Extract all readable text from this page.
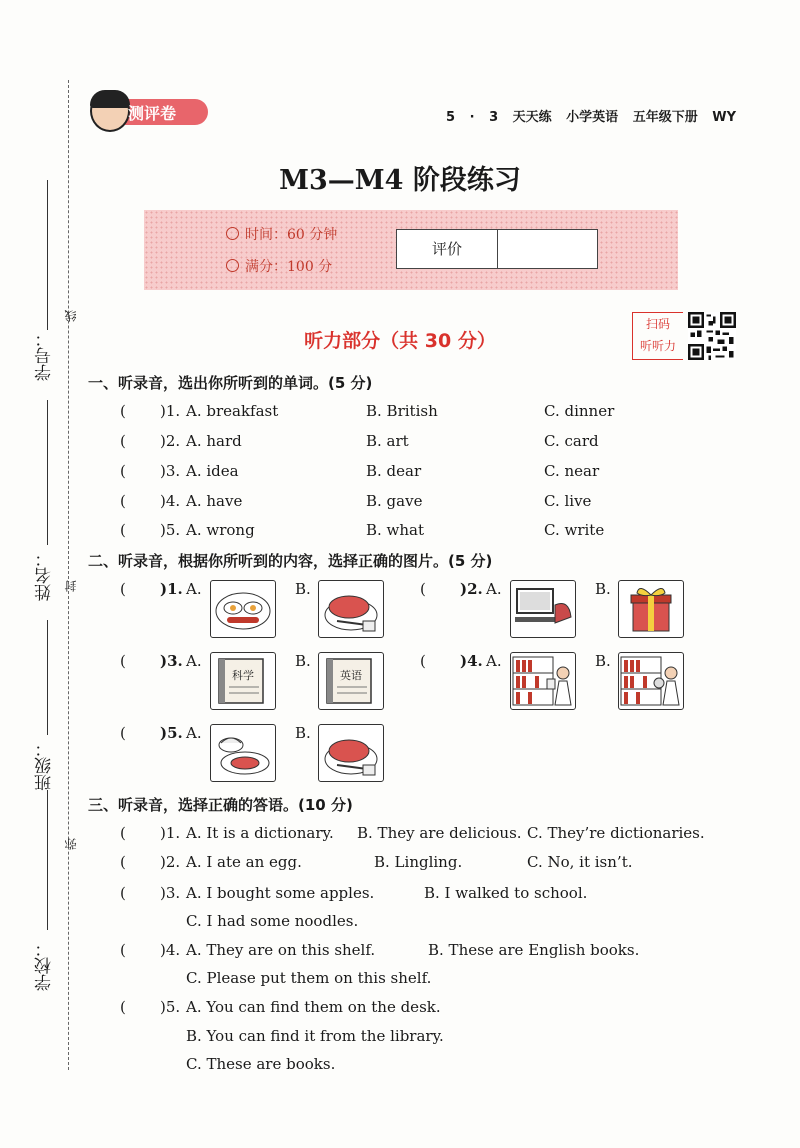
学号：
姓名：
班级：
学校：
线
封
弥
测评卷	5 · 3 天天练 小学英语 五年级下册 WY
M3—M4 阶段练习
时间：60 分钟
满分：100 分
评价
听力部分（共 30 分）
扫码
听听力
一、听录音，选出你所听到的单词。(5 分)
( )1. A. breakfast	B. British	C. dinner
( )2. A. hard	B. art	C. card
( )3. A. idea	B. dear	C. near
( )4. A. have	B. gave	C. live
( )5. A. wrong	B. what	C. write
二、听录音，根据你所听到的内容，选择正确的图片。(5 分)
( )1. A.	B.	( )2. A.	B.
( )3. A.
科学
B.
英语
( )4. A.	B.
( )5. A.	B.
三、听录音，选择正确的答语。(10 分)
( )1. A. It is a dictionary. B. They are delicious. C. They’re dictionaries.
( )2. A. I ate an egg.	B. Lingling.	C. No, it isn’t.
( )3. A. I bought some apples.	B. I walked to school.
C. I had some noodles.
( )4. A. They are on this shelf.	B. These are English books.
C. Please put them on this shelf.
( )5. A. You can find them on the desk.
B. You can find it from the library.
C. These are books.
